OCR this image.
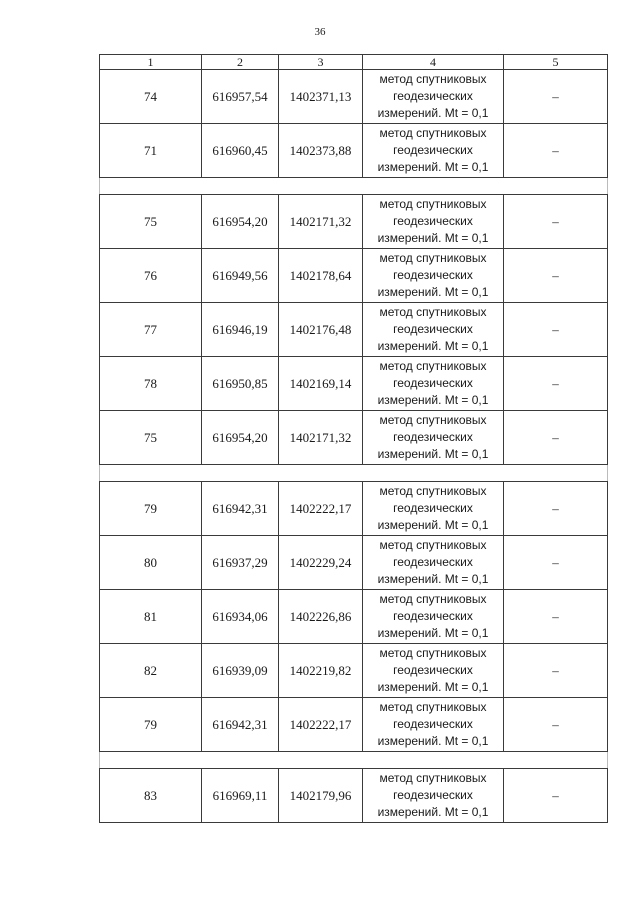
36
1	2	3	4	5
74	616957,54	1402371,13	метод спутниковых
геодезических
измерений. Mt = 0,1	–
71	616960,45	1402373,88	метод спутниковых
геодезических
измерений. Mt = 0,1	–

75	616954,20	1402171,32	метод спутниковых
геодезических
измерений. Mt = 0,1	–
76	616949,56	1402178,64	метод спутниковых
геодезических
измерений. Mt = 0,1	–
77	616946,19	1402176,48	метод спутниковых
геодезических
измерений. Mt = 0,1	–
78	616950,85	1402169,14	метод спутниковых
геодезических
измерений. Mt = 0,1	–
75	616954,20	1402171,32	метод спутниковых
геодезических
измерений. Mt = 0,1	–

79	616942,31	1402222,17	метод спутниковых
геодезических
измерений. Mt = 0,1	–
80	616937,29	1402229,24	метод спутниковых
геодезических
измерений. Mt = 0,1	–
81	616934,06	1402226,86	метод спутниковых
геодезических
измерений. Mt = 0,1	–
82	616939,09	1402219,82	метод спутниковых
геодезических
измерений. Mt = 0,1	–
79	616942,31	1402222,17	метод спутниковых
геодезических
измерений. Mt = 0,1	–

83	616969,11	1402179,96	метод спутниковых
геодезических
измерений. Mt = 0,1	–
